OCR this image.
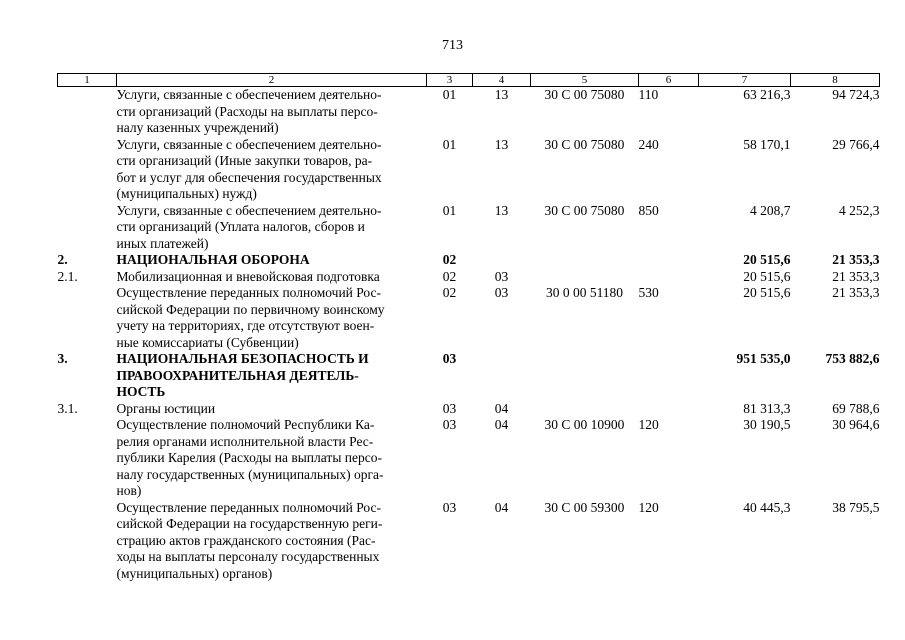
713
1	2	3	4	5	6	7	8
	Услуги, связанные с обеспечением деятельно-
сти организаций (Расходы на выплаты персо-
налу казенных учреждений)	01	13	30 С 00 75080	110	63 216,3	94 724,3
	Услуги, связанные с обеспечением деятельно-
сти организаций (Иные закупки товаров, ра-
бот и услуг для обеспечения государственных
(муниципальных) нужд)	01	13	30 С 00 75080	240	58 170,1	29 766,4
	Услуги, связанные с обеспечением деятельно-
сти организаций (Уплата налогов, сборов и
иных платежей)	01	13	30 С 00 75080	850	4 208,7	4 252,3
2.	НАЦИОНАЛЬНАЯ ОБОРОНА	02				20 515,6	21 353,3
2.1.	Мобилизационная и вневойсковая подготовка	02	03			20 515,6	21 353,3
	Осуществление переданных полномочий Рос-
сийской Федерации по первичному воинскому
учету на территориях, где отсутствуют воен-
ные комиссариаты (Субвенции)	02	03	30 0 00 51180	530	20 515,6	21 353,3
3.	НАЦИОНАЛЬНАЯ БЕЗОПАСНОСТЬ И
ПРАВООХРАНИТЕЛЬНАЯ ДЕЯТЕЛЬ-
НОСТЬ	03				951 535,0	753 882,6
3.1.	Органы юстиции	03	04			81 313,3	69 788,6
	Осуществление полномочий Республики Ка-
релия органами исполнительной власти Рес-
публики Карелия (Расходы на выплаты персо-
налу государственных (муниципальных) орга-
нов)	03	04	30 С 00 10900	120	30 190,5	30 964,6
	Осуществление переданных полномочий Рос-
сийской Федерации на государственную реги-
страцию актов гражданского состояния (Рас-
ходы на выплаты персоналу государственных
(муниципальных) органов)	03	04	30 С 00 59300	120	40 445,3	38 795,5
